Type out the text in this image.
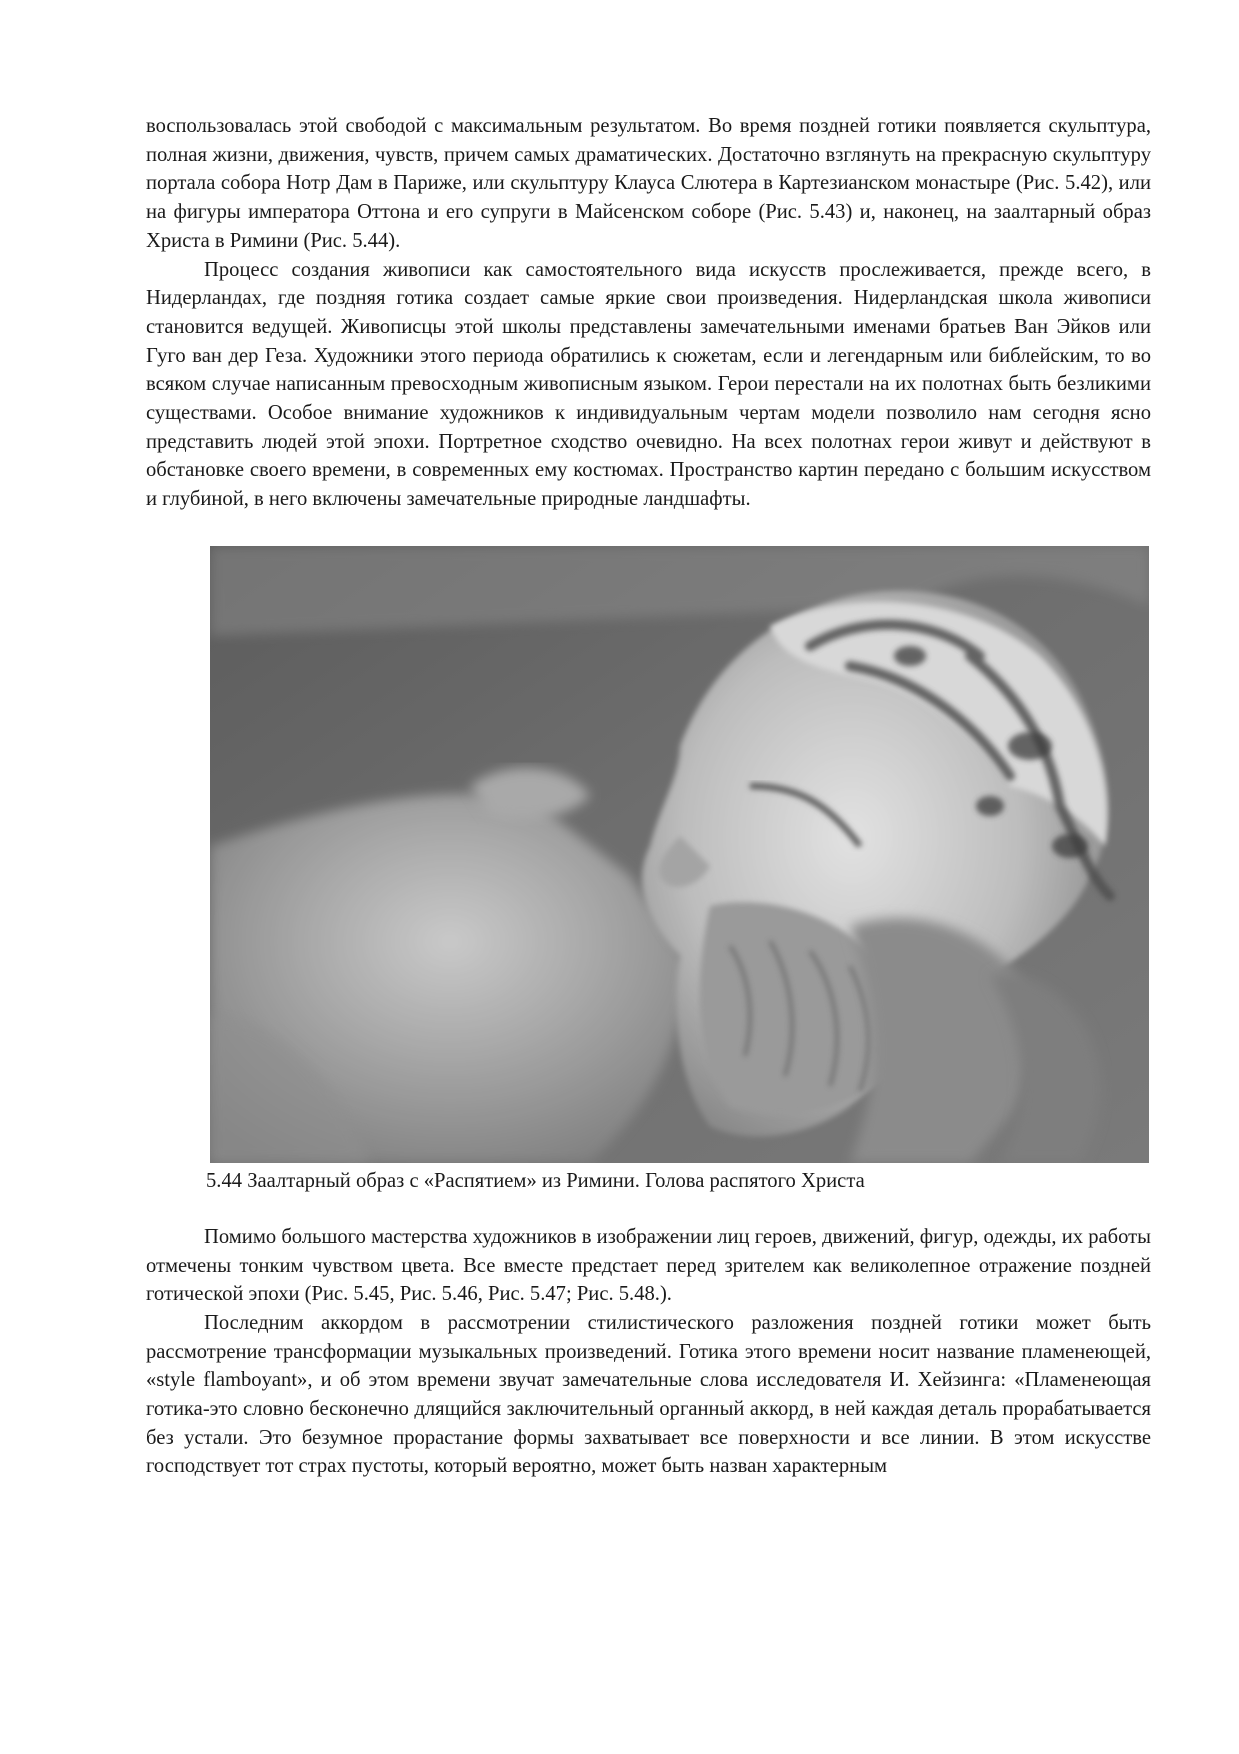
воспользовалась этой свободой с максимальным результатом. Во время поздней готики появляется скульптура, полная жизни, движения, чувств, причем самых драматических. Достаточно взглянуть на прекрасную скульптуру портала собора Нотр Дам в Париже, или скульптуру Клауса Слютера в Картезианском монастыре (Рис. 5.42), или на фигуры императора Оттона и его супруги в Майсенском соборе (Рис. 5.43) и, наконец, на заалтарный образ Христа в Римини (Рис. 5.44).

Процесс создания живописи как самостоятельного вида искусств прослеживается, прежде всего, в Нидерландах, где поздняя готика создает самые яркие свои произведения. Нидерландская школа живописи становится ведущей. Живописцы этой школы представлены замечательными именами братьев Ван Эйков или Гуго ван дер Геза. Художники этого периода обратились к сюжетам, если и легендарным или библейским, то во всяком случае написанным превосходным живописным языком. Герои перестали на их полотнах быть безликими существами. Особое внимание художников к индивидуальным чертам модели позволило нам сегодня ясно представить людей этой эпохи. Портретное сходство очевидно. На всех полотнах герои живут и действуют в обстановке своего времени, в современных ему костюмах. Пространство картин передано с большим искусством и глубиной, в него включены замечательные природные ландшафты.

5.44 Заалтарный образ с «Распятием» из Римини. Голова распятого Христа

Помимо большого мастерства художников в изображении лиц героев, движений, фигур, одежды, их работы отмечены тонким чувством цвета. Все вместе предстает перед зрителем как великолепное отражение поздней готической эпохи (Рис. 5.45, Рис. 5.46, Рис. 5.47; Рис. 5.48.).

Последним аккордом в рассмотрении стилистического разложения поздней готики может быть рассмотрение трансформации музыкальных произведений. Готика этого времени носит название пламенеющей, «style flamboyant», и об этом времени звучат замечательные слова исследователя И. Хейзинга: «Пламенеющая готика-это словно бесконечно длящийся заключительный органный аккорд, в ней каждая деталь прорабатывается без устали. Это безумное прорастание формы захватывает все поверхности и все линии. В этом искусстве господствует тот страх пустоты, который вероятно, может быть назван характерным
